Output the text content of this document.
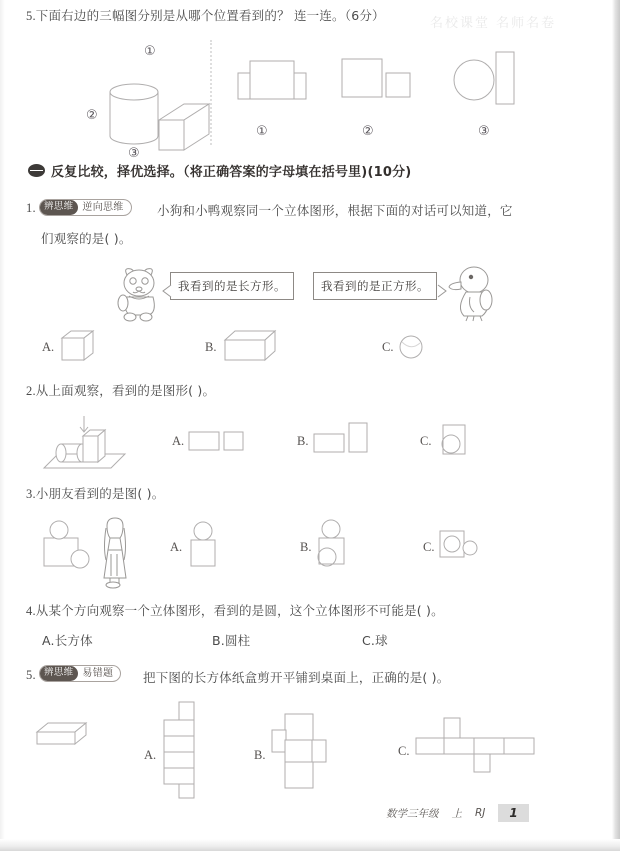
名校课堂 名师名卷
5.下面右边的三幅图分别是从哪个位置看到的？ 连一连。（6分）
①
②
③
①	②	③
反复比较，择优选择。（将正确答案的字母填在括号里)(10分)
1. 辨思维 逆向思维	小狗和小鸭观察同一个立体图形，根据下面的对话可以知道，它
们观察的是( )。
我看到的是长方形。	我看到的是正方形。
A.	B.	C.
2.从上面观察，看到的是图形( )。
A.	B.	C.
3.小朋友看到的是图( )。
A.	B.	C.
4.从某个方向观察一个立体图形，看到的是圆，这个立体图形不可能是( )。
A.长方体	B.圆柱	C.球
5. 辨思维 易错题 把下图的长方体纸盒剪开平铺到桌面上，正确的是( )。
A.	B.	C.
数学三年级 上 RJ	1
